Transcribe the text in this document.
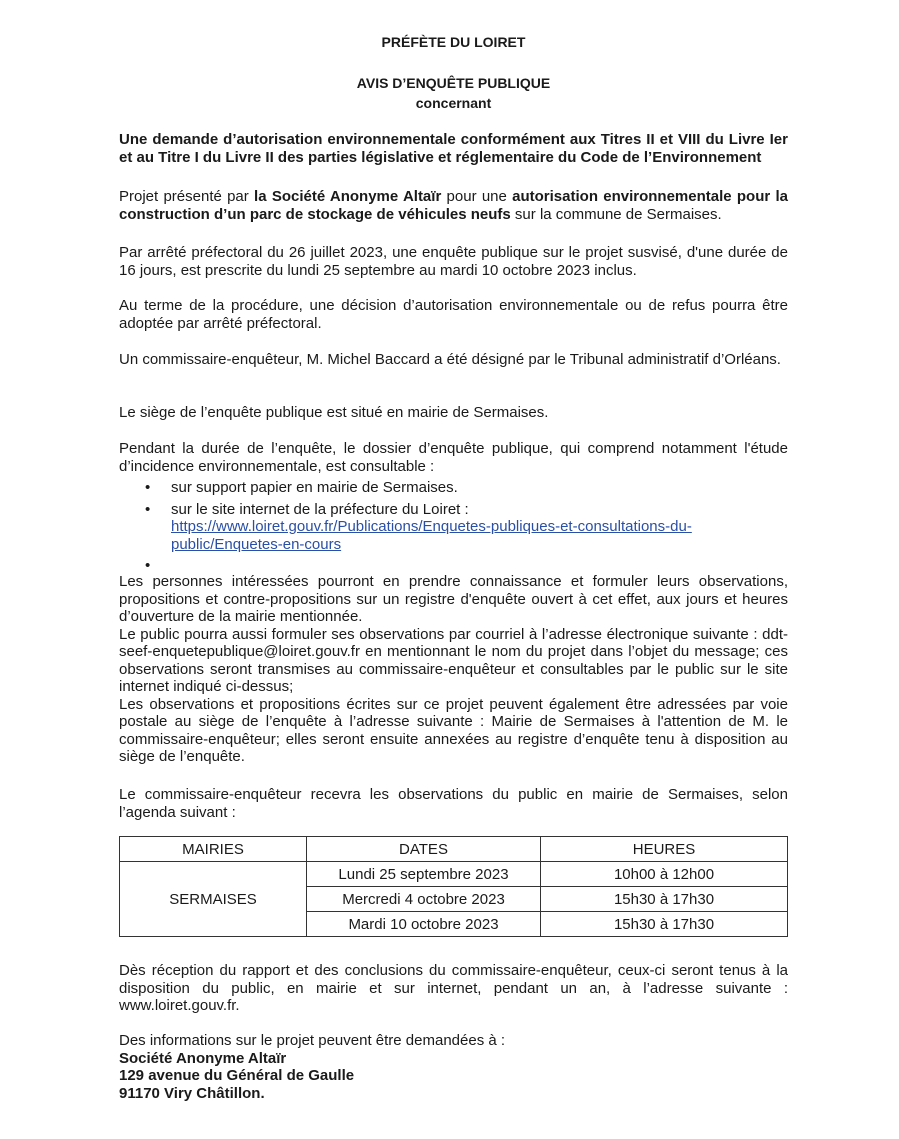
PRÉFÈTE DU LOIRET
AVIS D’ENQUÊTE PUBLIQUE
concernant

Une demande d’autorisation environnementale conformément aux Titres II et VIII du Livre Ier et au Titre I du Livre II des parties législative et réglementaire du Code de l’Environnement

Projet présenté par la Société Anonyme Altaïr pour une autorisation environnementale pour la construction d’un parc de stockage de véhicules neufs sur la commune de Sermaises.

Par arrêté préfectoral du 26 juillet 2023, une enquête publique sur le projet susvisé, d'une durée de 16 jours, est prescrite du lundi 25 septembre au mardi 10 octobre 2023 inclus.

Au terme de la procédure, une décision d’autorisation environnementale ou de refus pourra être adoptée par arrêté préfectoral.

Un commissaire-enquêteur, M. Michel Baccard a été désigné par le Tribunal administratif d’Orléans.

Le siège de l’enquête publique est situé en mairie de Sermaises.

Pendant la durée de l’enquête, le dossier d’enquête publique, qui comprend notamment l'étude d’incidence environnementale, est consultable :

• sur support papier en mairie de Sermaises.
• sur le site internet de la préfecture du Loiret :
https://www.loiret.gouv.fr/Publications/Enquetes-publiques-et-consultations-du-public/Enquetes-en-cours
•

Les personnes intéressées pourront en prendre connaissance et formuler leurs observations, propositions et contre-propositions sur un registre d'enquête ouvert à cet effet, aux jours et heures d’ouverture de la mairie mentionnée.

Le public pourra aussi formuler ses observations par courriel à l’adresse électronique suivante : ddt-seef-enquetepublique@loiret.gouv.fr en mentionnant le nom du projet dans l’objet du message; ces observations seront transmises au commissaire-enquêteur et consultables par le public sur le site internet indiqué ci-dessus;

Les observations et propositions écrites sur ce projet peuvent également être adressées par voie postale au siège de l’enquête à l’adresse suivante : Mairie de Sermaises à l'attention de M. le commissaire-enquêteur; elles seront ensuite annexées au registre d’enquête tenu à disposition au siège de l’enquête.

Le commissaire-enquêteur recevra les observations du public en mairie de Sermaises, selon l’agenda suivant :

MAIRIES	DATES	HEURES
SERMAISES	Lundi 25 septembre 2023	10h00 à 12h00
	Mercredi 4 octobre 2023	15h30 à 17h30
	Mardi 10 octobre 2023	15h30 à 17h30

Dès réception du rapport et des conclusions du commissaire-enquêteur, ceux-ci seront tenus à la disposition du public, en mairie et sur internet, pendant un an, à l’adresse suivante : www.loiret.gouv.fr.

Des informations sur le projet peuvent être demandées à :

Société Anonyme Altaïr

129 avenue du Général de Gaulle

91170 Viry Châtillon.
